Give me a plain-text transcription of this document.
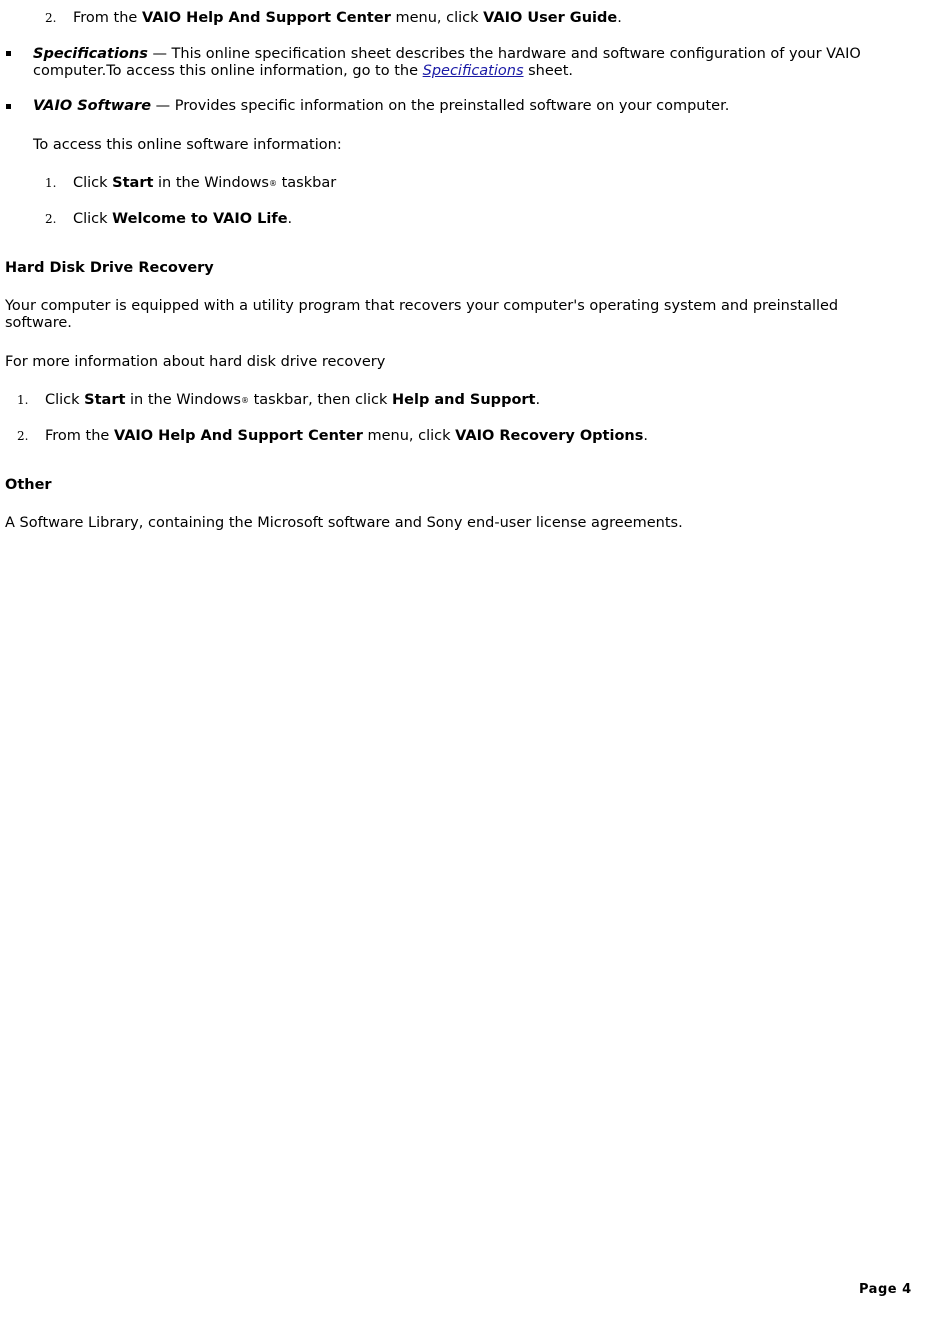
2. From the VAIO Help And Support Center menu, click VAIO User Guide.
Specifications — This online specification sheet describes the hardware and software configuration of your VAIO
computer.To access this online information, go to the Specifications sheet.
VAIO Software — Provides specific information on the preinstalled software on your computer.
To access this online software information:
1. Click Start in the Windows® taskbar
2. Click Welcome to VAIO Life.
Hard Disk Drive Recovery
Your computer is equipped with a utility program that recovers your computer's operating system and preinstalled
software.
For more information about hard disk drive recovery
1. Click Start in the Windows® taskbar, then click Help and Support.
2. From the VAIO Help And Support Center menu, click VAIO Recovery Options.
Other
A Software Library, containing the Microsoft software and Sony end-user license agreements.
Page 4
